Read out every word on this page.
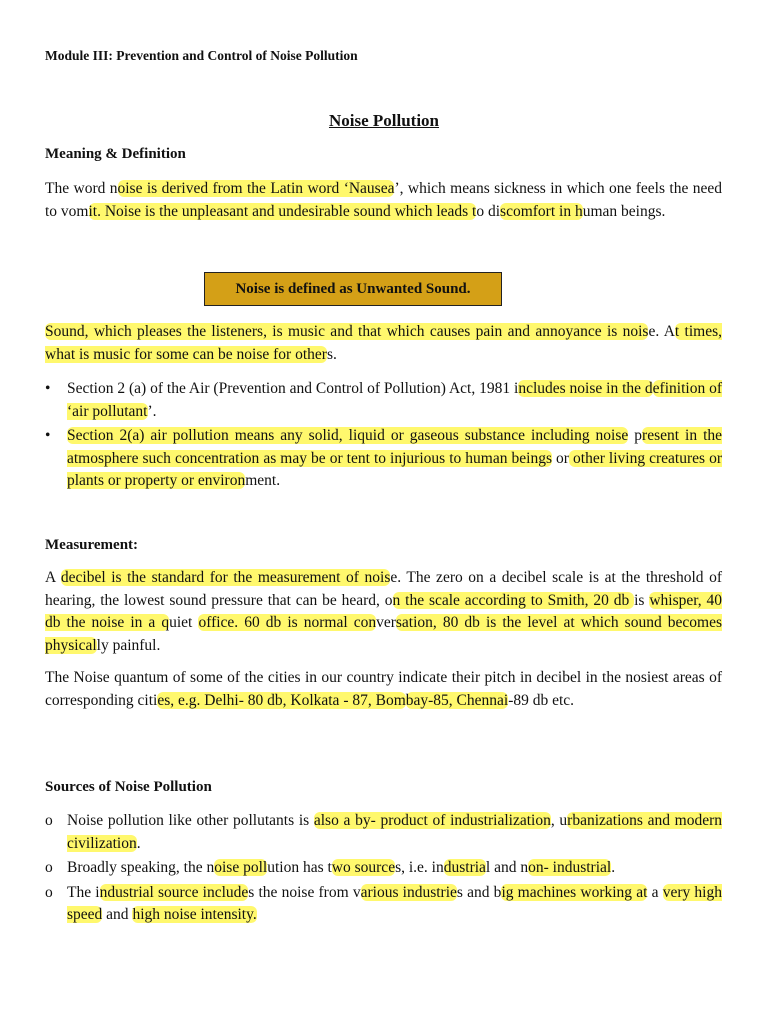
Module III: Prevention and Control of Noise Pollution
Noise Pollution
Meaning & Definition

The word noise is derived from the Latin word ‘Nausea’, which means sickness in which one feels the need to vomit. Noise is the unpleasant and undesirable sound which leads to discomfort in human beings.

Noise is defined as Unwanted Sound.

Sound, which pleases the listeners, is music and that which causes pain and annoyance is noise. At times, what is music for some can be noise for others.

•	Section 2 (a) of the Air (Prevention and Control of Pollution) Act, 1981 includes noise in the definition of ‘air pollutant’.
•	Section 2(a) air pollution means any solid, liquid or gaseous substance including noise present in the atmosphere such concentration as may be or tent to injurious to human beings or other living creatures or plants or property or environment.
Measurement:

A decibel is the standard for the measurement of noise. The zero on a decibel scale is at the threshold of hearing, the lowest sound pressure that can be heard, on the scale according to Smith, 20 db is whisper, 40 db the noise in a quiet office. 60 db is normal conversation, 80 db is the level at which sound becomes physically painful.

The Noise quantum of some of the cities in our country indicate their pitch in decibel in the nosiest areas of corresponding cities, e.g. Delhi- 80 db, Kolkata - 87, Bombay-85, Chennai-89 db etc.

Sources of Noise Pollution
o Noise pollution like other pollutants is also a by- product of industrialization, urbanizations and modern civilization.
o Broadly speaking, the noise pollution has two sources, i.e. industrial and non- industrial.
o The industrial source includes the noise from various industries and big machines working at a very high speed and high noise intensity.
